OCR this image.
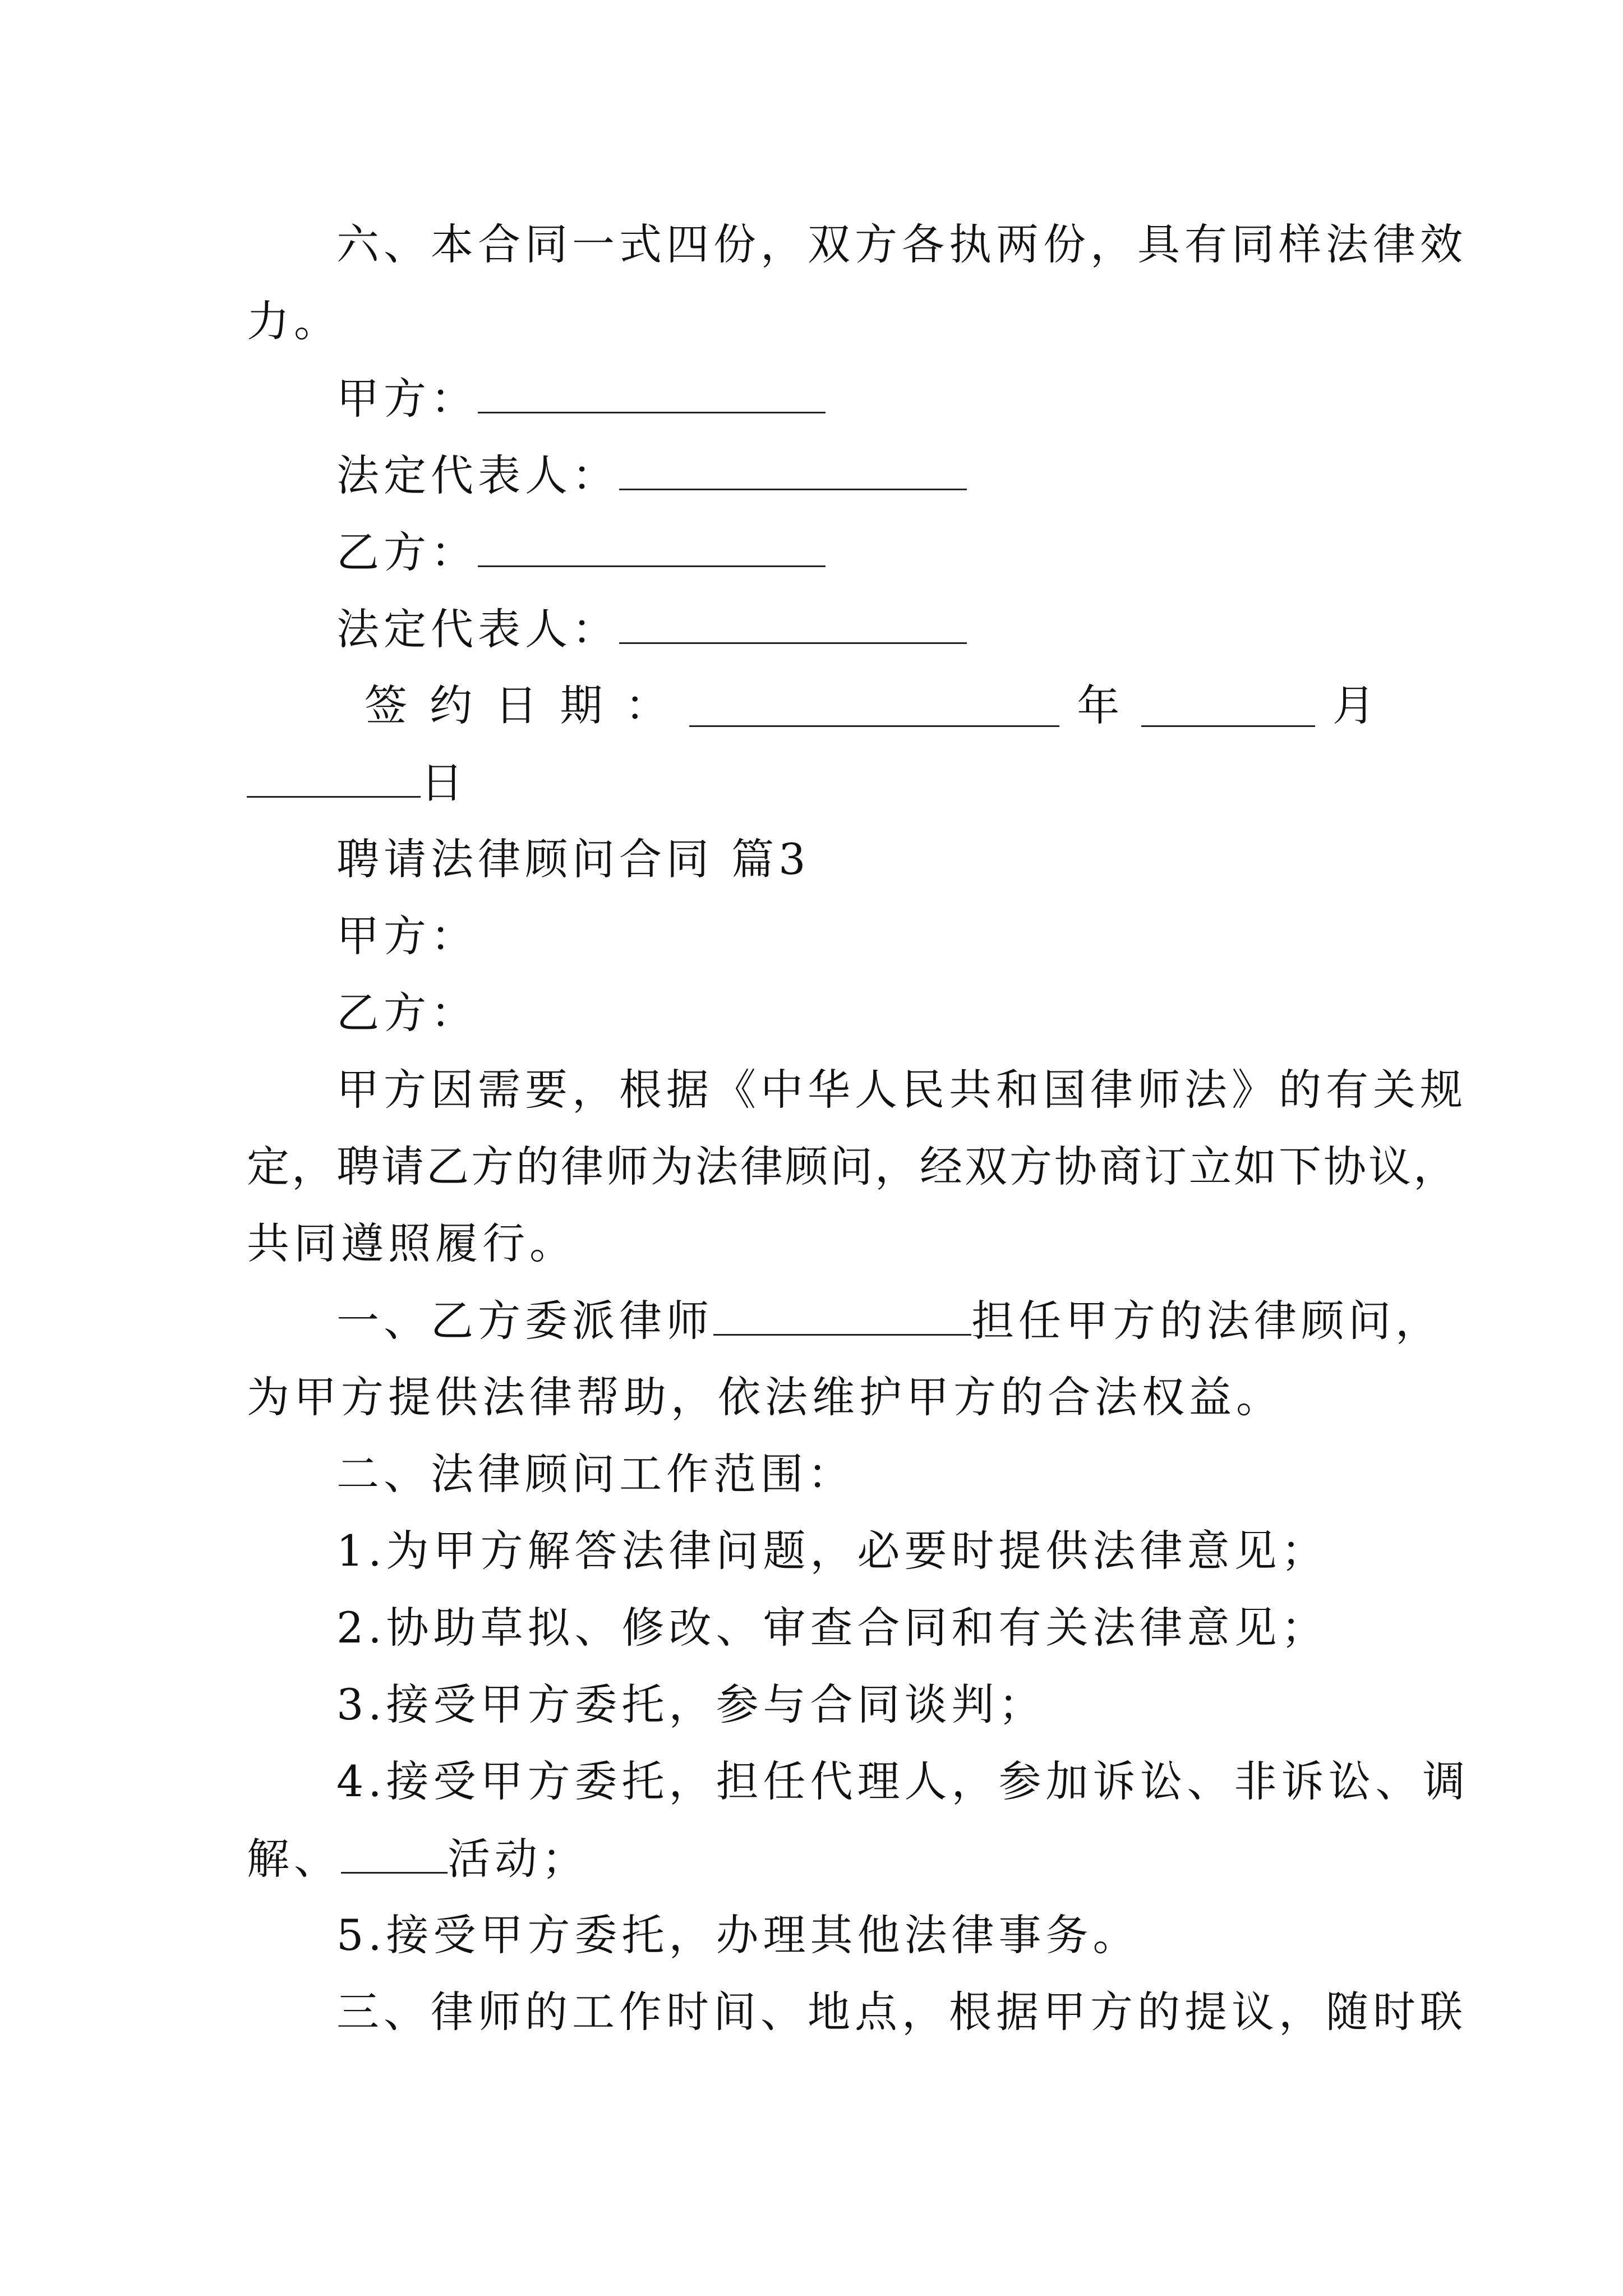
六、本合同一式四份，双方各执两份，具有同样法律效
力。
甲方：
法定代表人：
乙方：
法定代表人：
签 约 日 期 ：	年	月
日
聘请法律顾问合同 篇3
甲方：
乙方：
甲方因需要，根据《中华人民共和国律师法》的有关规
定，聘请乙方的律师为法律顾问，经双方协商订立如下协议，
共同遵照履行。
一、乙方委派律师	担任甲方的法律顾问，
为甲方提供法律帮助，依法维护甲方的合法权益。
二、法律顾问工作范围：
1.为甲方解答法律问题，必要时提供法律意见；
2.协助草拟、修改、审查合同和有关法律意见；
3.接受甲方委托，参与合同谈判；
4.接受甲方委托，担任代理人，参加诉讼、非诉讼、调
解、	活动；
5.接受甲方委托，办理其他法律事务。
三、律师的工作时间、地点，根据甲方的提议，随时联
